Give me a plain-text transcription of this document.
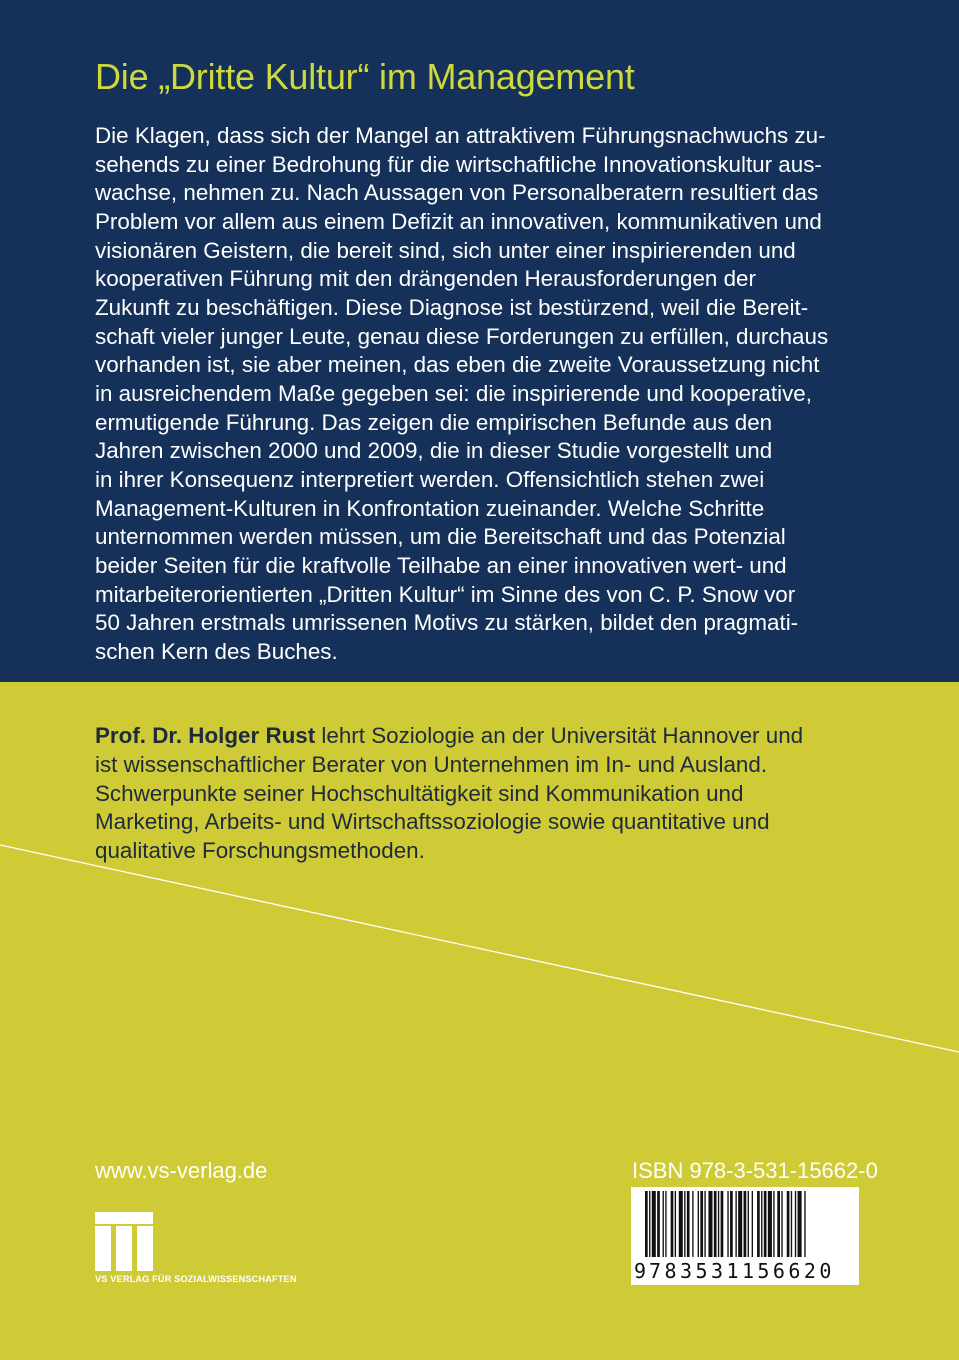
Die „Dritte Kultur“ im Management
Die Klagen, dass sich der Mangel an attraktivem Führungsnachwuchs zu-
sehends zu einer Bedrohung für die wirtschaftliche Innovationskultur aus-
wachse, nehmen zu. Nach Aussagen von Personalberatern resultiert das
Problem vor allem aus einem Defizit an innovativen, kommunikativen und
visionären Geistern, die bereit sind, sich unter einer inspirierenden und
kooperativen Führung mit den drängenden Herausforderungen der
Zukunft zu beschäftigen. Diese Diagnose ist bestürzend, weil die Bereit-
schaft vieler junger Leute, genau diese Forderungen zu erfüllen, durchaus
vorhanden ist, sie aber meinen, das eben die zweite Voraussetzung nicht
in ausreichendem Maße gegeben sei: die inspirierende und kooperative,
ermutigende Führung. Das zeigen die empirischen Befunde aus den
Jahren zwischen 2000 und 2009, die in dieser Studie vorgestellt und
in ihrer Konsequenz interpretiert werden. Offensichtlich stehen zwei
Management-Kulturen in Konfrontation zueinander. Welche Schritte
unternommen werden müssen, um die Bereitschaft und das Potenzial
beider Seiten für die kraftvolle Teilhabe an einer innovativen wert- und
mitarbeiterorientierten „Dritten Kultur“ im Sinne des von C. P. Snow vor
50 Jahren erstmals umrissenen Motivs zu stärken, bildet den pragmati-
schen Kern des Buches.
Prof. Dr. Holger Rust lehrt Soziologie an der Universität Hannover und
ist wissenschaftlicher Berater von Unternehmen im In- und Ausland.
Schwerpunkte seiner Hochschultätigkeit sind Kommunikation und
Marketing, Arbeits- und Wirtschaftssoziologie sowie quantitative und
qualitative Forschungsmethoden.
www.vs-verlag.de
VS VERLAG FÜR SOZIALWISSENSCHAFTEN
ISBN 978-3-531-15662-0
9 783531156620
